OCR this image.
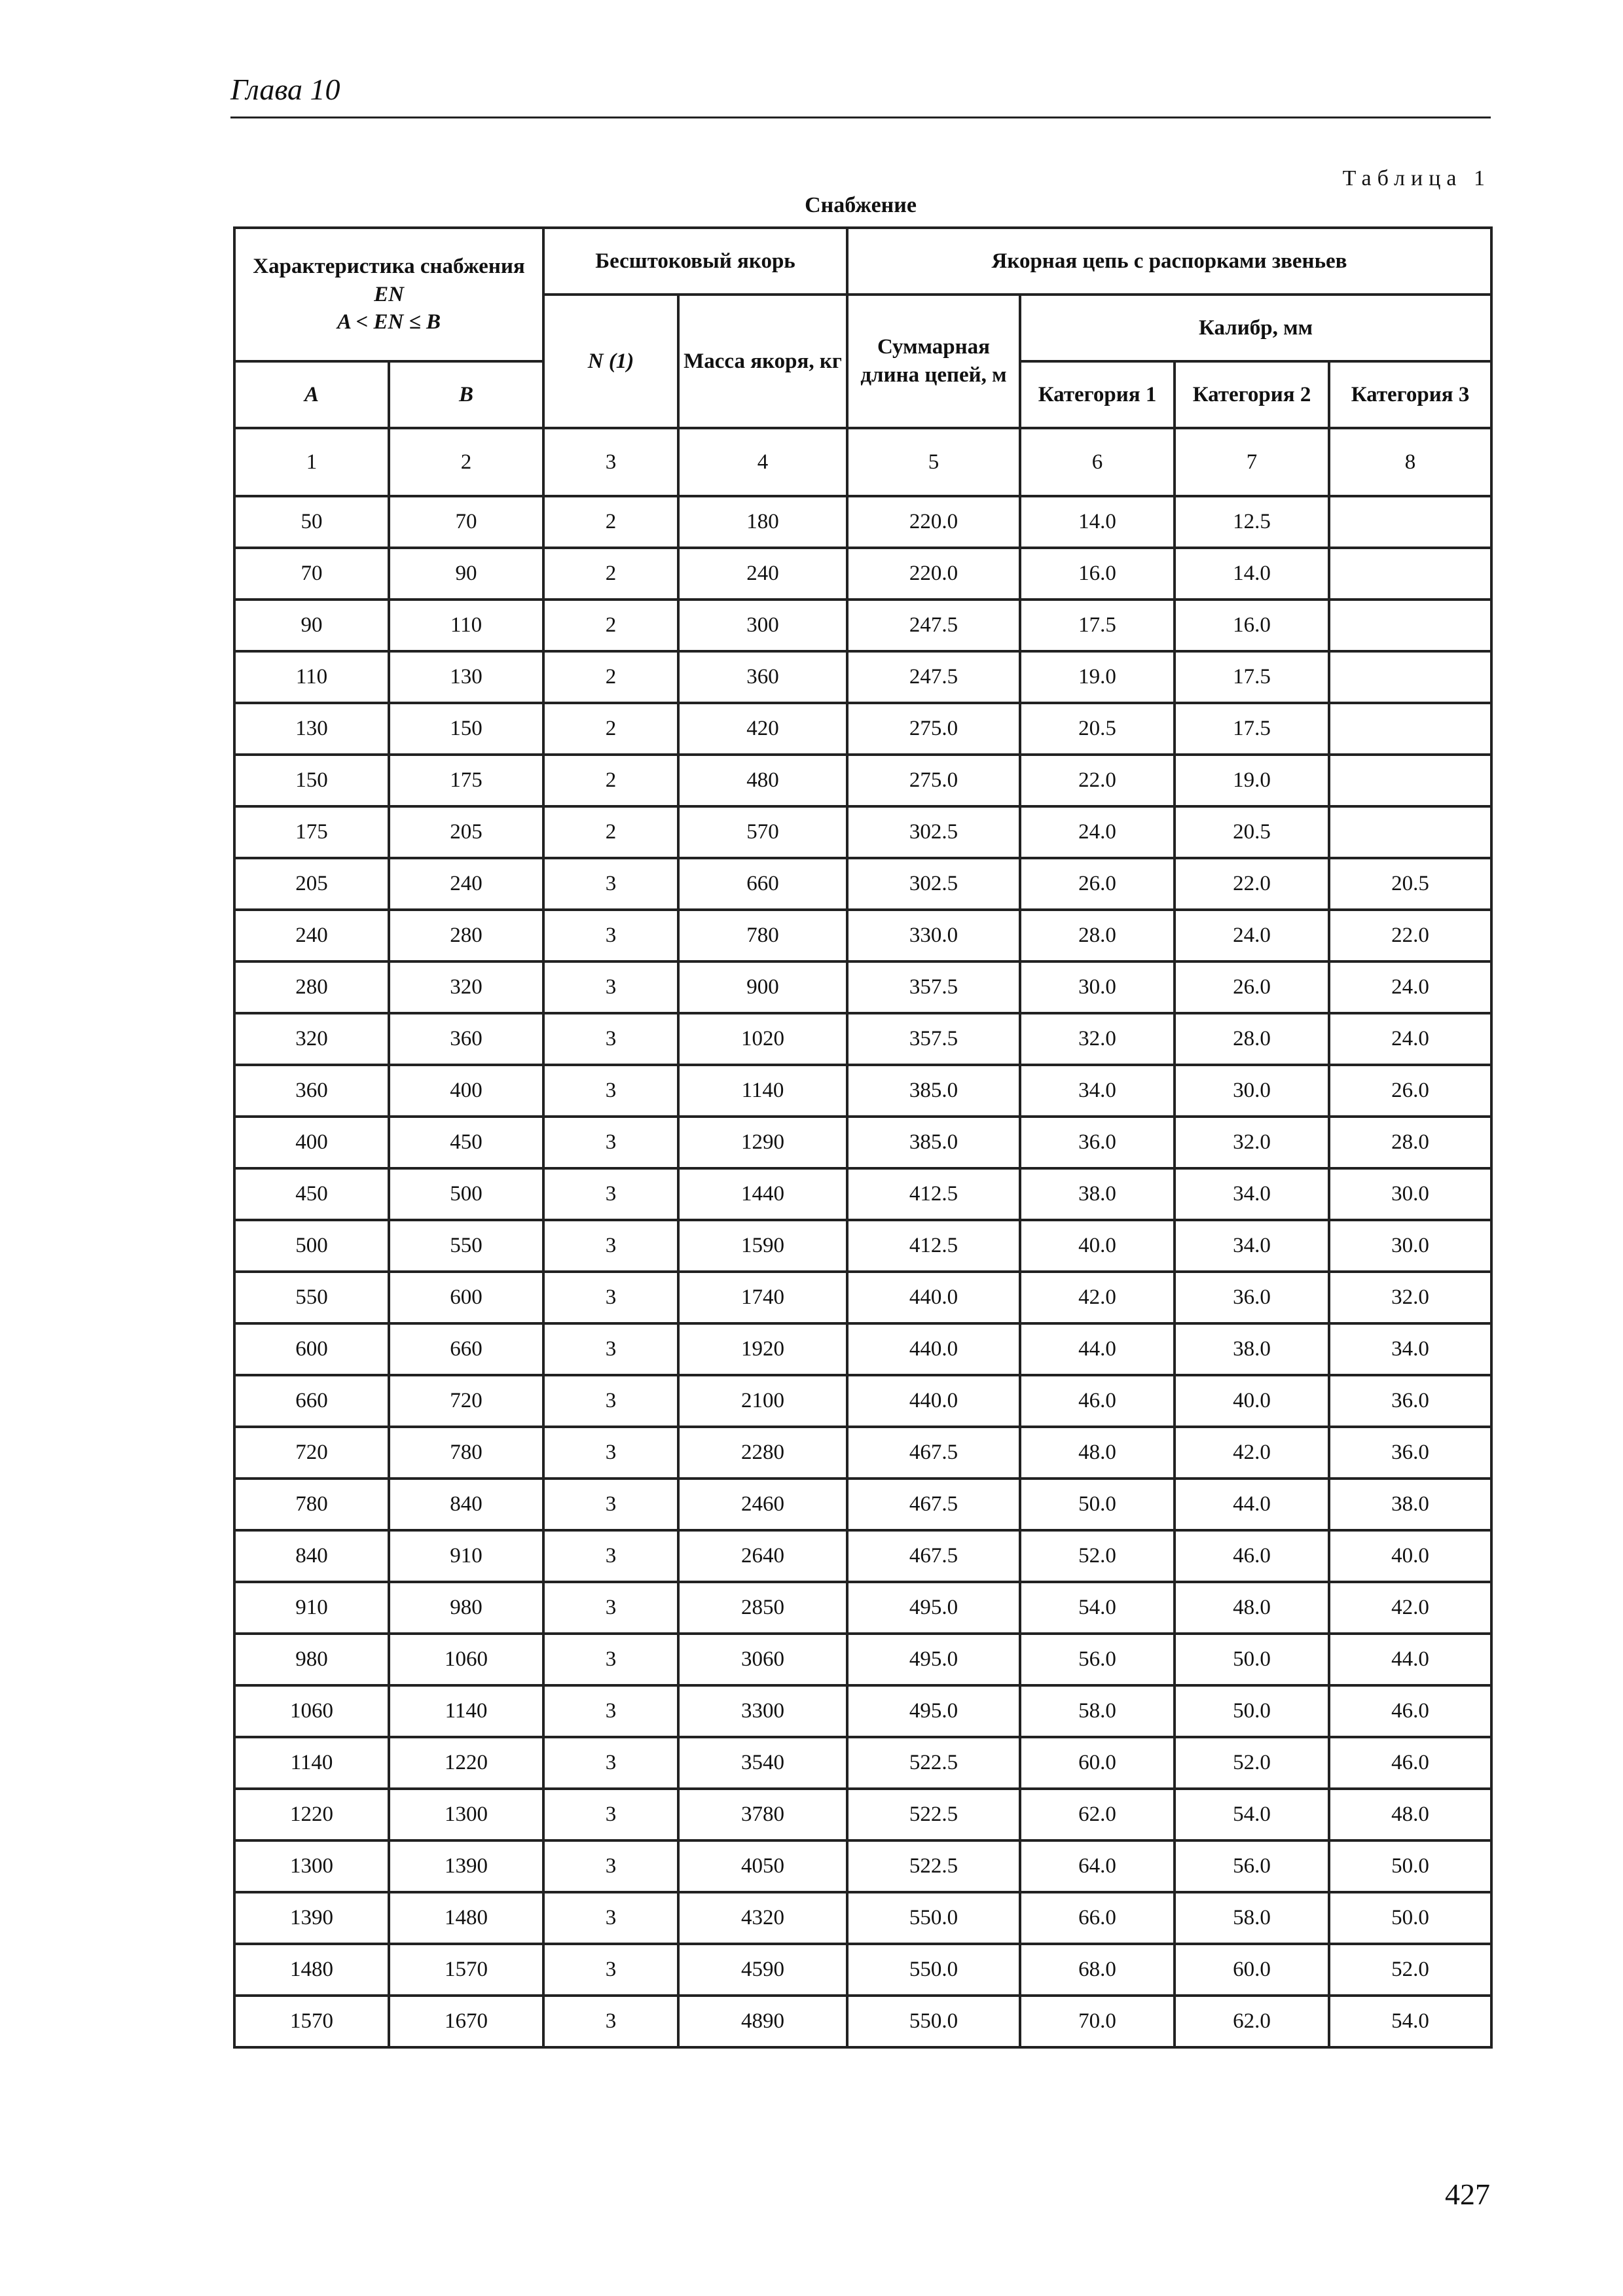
Глава 10
Таблица 1
Снабжение
Характеристика снабжения
EN
A < EN ≤ B		Бесштоковый якорь		Якорная цепь с распорками звеньев			
		N (1)	Масса якоря, кг	Суммарная длина цепей, м	Калибр, мм		
A	B				Категория 1	Категория 2	Категория 3
1	2	3	4	5	6	7	8
50	70	2	180	220.0	14.0	12.5	
70	90	2	240	220.0	16.0	14.0	
90	110	2	300	247.5	17.5	16.0	
110	130	2	360	247.5	19.0	17.5	
130	150	2	420	275.0	20.5	17.5	
150	175	2	480	275.0	22.0	19.0	
175	205	2	570	302.5	24.0	20.5	
205	240	3	660	302.5	26.0	22.0	20.5
240	280	3	780	330.0	28.0	24.0	22.0
280	320	3	900	357.5	30.0	26.0	24.0
320	360	3	1020	357.5	32.0	28.0	24.0
360	400	3	1140	385.0	34.0	30.0	26.0
400	450	3	1290	385.0	36.0	32.0	28.0
450	500	3	1440	412.5	38.0	34.0	30.0
500	550	3	1590	412.5	40.0	34.0	30.0
550	600	3	1740	440.0	42.0	36.0	32.0
600	660	3	1920	440.0	44.0	38.0	34.0
660	720	3	2100	440.0	46.0	40.0	36.0
720	780	3	2280	467.5	48.0	42.0	36.0
780	840	3	2460	467.5	50.0	44.0	38.0
840	910	3	2640	467.5	52.0	46.0	40.0
910	980	3	2850	495.0	54.0	48.0	42.0
980	1060	3	3060	495.0	56.0	50.0	44.0
1060	1140	3	3300	495.0	58.0	50.0	46.0
1140	1220	3	3540	522.5	60.0	52.0	46.0
1220	1300	3	3780	522.5	62.0	54.0	48.0
1300	1390	3	4050	522.5	64.0	56.0	50.0
1390	1480	3	4320	550.0	66.0	58.0	50.0
1480	1570	3	4590	550.0	68.0	60.0	52.0
1570	1670	3	4890	550.0	70.0	62.0	54.0
427
